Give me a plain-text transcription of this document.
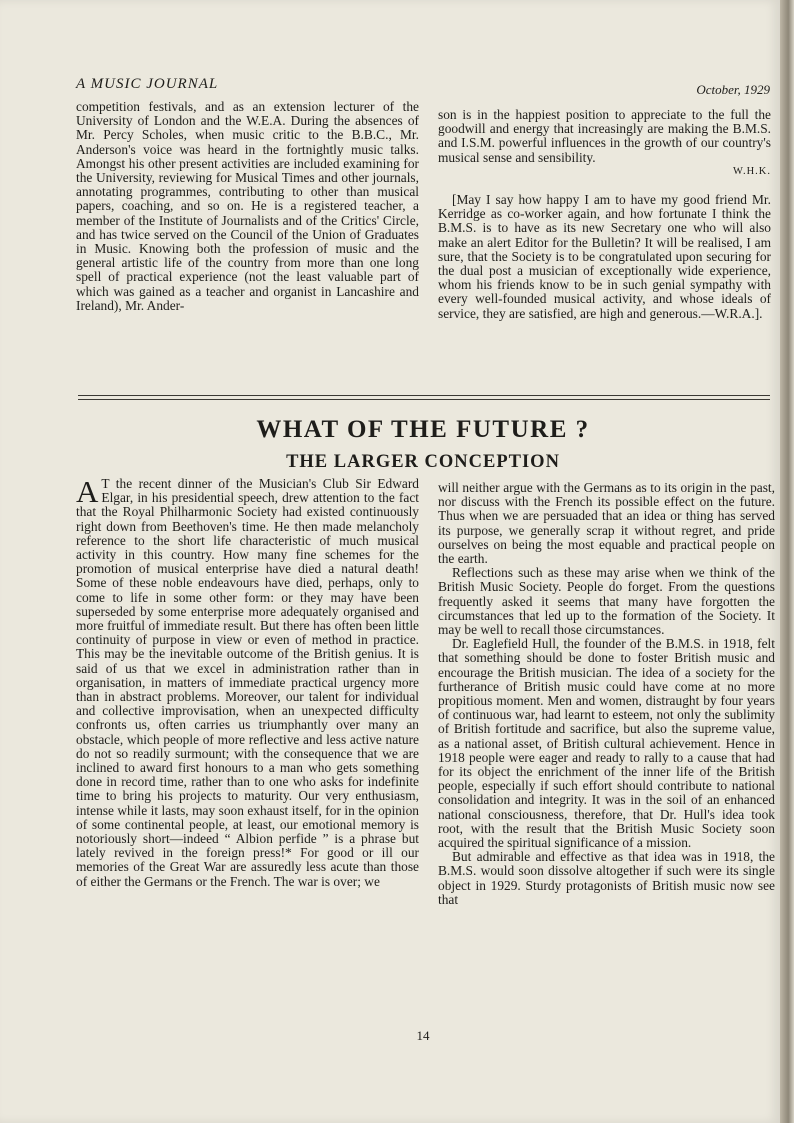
A MUSIC JOURNAL	October, 1929

competition festivals, and as an extension lecturer of the University of London and the W.E.A. During the absences of Mr. Percy Scholes, when music critic to the B.B.C., Mr. Anderson's voice was heard in the fortnightly music talks. Amongst his other present activities are included examining for the University, reviewing for Musical Times and other journals, annotating programmes, contributing to other than musical papers, coaching, and so on. He is a registered teacher, a member of the Institute of Journalists and of the Critics' Circle, and has twice served on the Council of the Union of Graduates in Music. Knowing both the profession of music and the general artistic life of the country from more than one long spell of practical experience (not the least valuable part of which was gained as a teacher and organist in Lancashire and Ireland), Mr. Ander-

son is in the happiest position to appreciate to the full the goodwill and energy that increasingly are making the B.M.S. and I.S.M. powerful influences in the growth of our country's musical sense and sensibility.
W.H.K.

[May I say how happy I am to have my good friend Mr. Kerridge as co-worker again, and how fortunate I think the B.M.S. is to have as its new Secretary one who will also make an alert Editor for the Bulletin? It will be realised, I am sure, that the Society is to be congratulated upon securing for the dual post a musician of exceptionally wide experience, whom his friends know to be in such genial sympathy with every well-founded musical activity, and whose ideals of service, they are satisfied, are high and generous.—W.R.A.].

WHAT OF THE FUTURE ?
THE LARGER CONCEPTION

A T the recent dinner of the Musician's Club Sir Edward Elgar, in his presidential speech, drew attention to the fact that the Royal Philharmonic Society had existed continuously right down from Beethoven's time. He then made melancholy reference to the short life characteristic of much musical activity in this country. How many fine schemes for the promotion of musical enterprise have died a natural death! Some of these noble endeavours have died, perhaps, only to come to life in some other form: or they may have been superseded by some enterprise more adequately organised and more fruitful of immediate result. But there has often been little continuity of purpose in view or even of method in practice. This may be the inevitable outcome of the British genius. It is said of us that we excel in administration rather than in organisation, in matters of immediate practical urgency more than in abstract problems. Moreover, our talent for individual and collective improvisation, when an unexpected difficulty confronts us, often carries us triumphantly over many an obstacle, which people of more reflective and less active nature do not so readily surmount; with the consequence that we are inclined to award first honours to a man who gets something done in record time, rather than to one who asks for indefinite time to bring his projects to maturity. Our very enthusiasm, intense while it lasts, may soon exhaust itself, for in the opinion of some continental people, at least, our emotional memory is notoriously short—indeed “ Albion perfide ” is a phrase but lately revived in the foreign press!* For good or ill our memories of the Great War are assuredly less acute than those of either the Germans or the French. The war is over; we

will neither argue with the Germans as to its origin in the past, nor discuss with the French its possible effect on the future. Thus when we are persuaded that an idea or thing has served its purpose, we generally scrap it without regret, and pride ourselves on being the most equable and practical people on the earth.

Reflections such as these may arise when we think of the British Music Society. People do forget. From the questions frequently asked it seems that many have forgotten the circumstances that led up to the formation of the Society. It may be well to recall those circumstances.

Dr. Eaglefield Hull, the founder of the B.M.S. in 1918, felt that something should be done to foster British music and encourage the British musician. The idea of a society for the furtherance of British music could have come at no more propitious moment. Men and women, distraught by four years of continuous war, had learnt to esteem, not only the sublimity of British fortitude and sacrifice, but also the supreme value, as a national asset, of British cultural achievement. Hence in 1918 people were eager and ready to rally to a cause that had for its object the enrichment of the inner life of the British people, especially if such effort should contribute to national consolidation and integrity. It was in the soil of an enhanced national consciousness, therefore, that Dr. Hull's idea took root, with the result that the British Music Society soon acquired the spiritual significance of a mission.

But admirable and effective as that idea was in 1918, the B.M.S. would soon dissolve altogether if such were its single object in 1929. Sturdy protagonists of British music now see that

14
